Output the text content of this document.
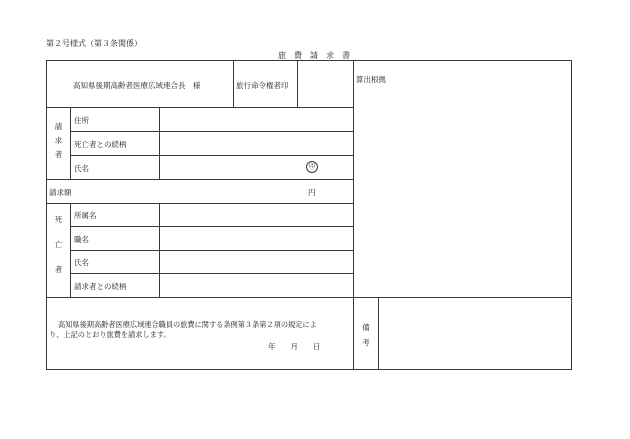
第２号様式（第３条関係）
旅　費　請　求　書
高知県後期高齢者医療広域連合長　様	旅行命令権者印
算出根拠
請
求
者
住所
死亡者との続柄
氏名	印
請求額	円
死
亡
者
所属名
職名
氏名
請求者との続柄
高知県後期高齢者医療広域連合職員の旅費に関する条例第３条第２項の規定によ
り、上記のとおり旅費を請求します。
年　　月　　日
備
考
